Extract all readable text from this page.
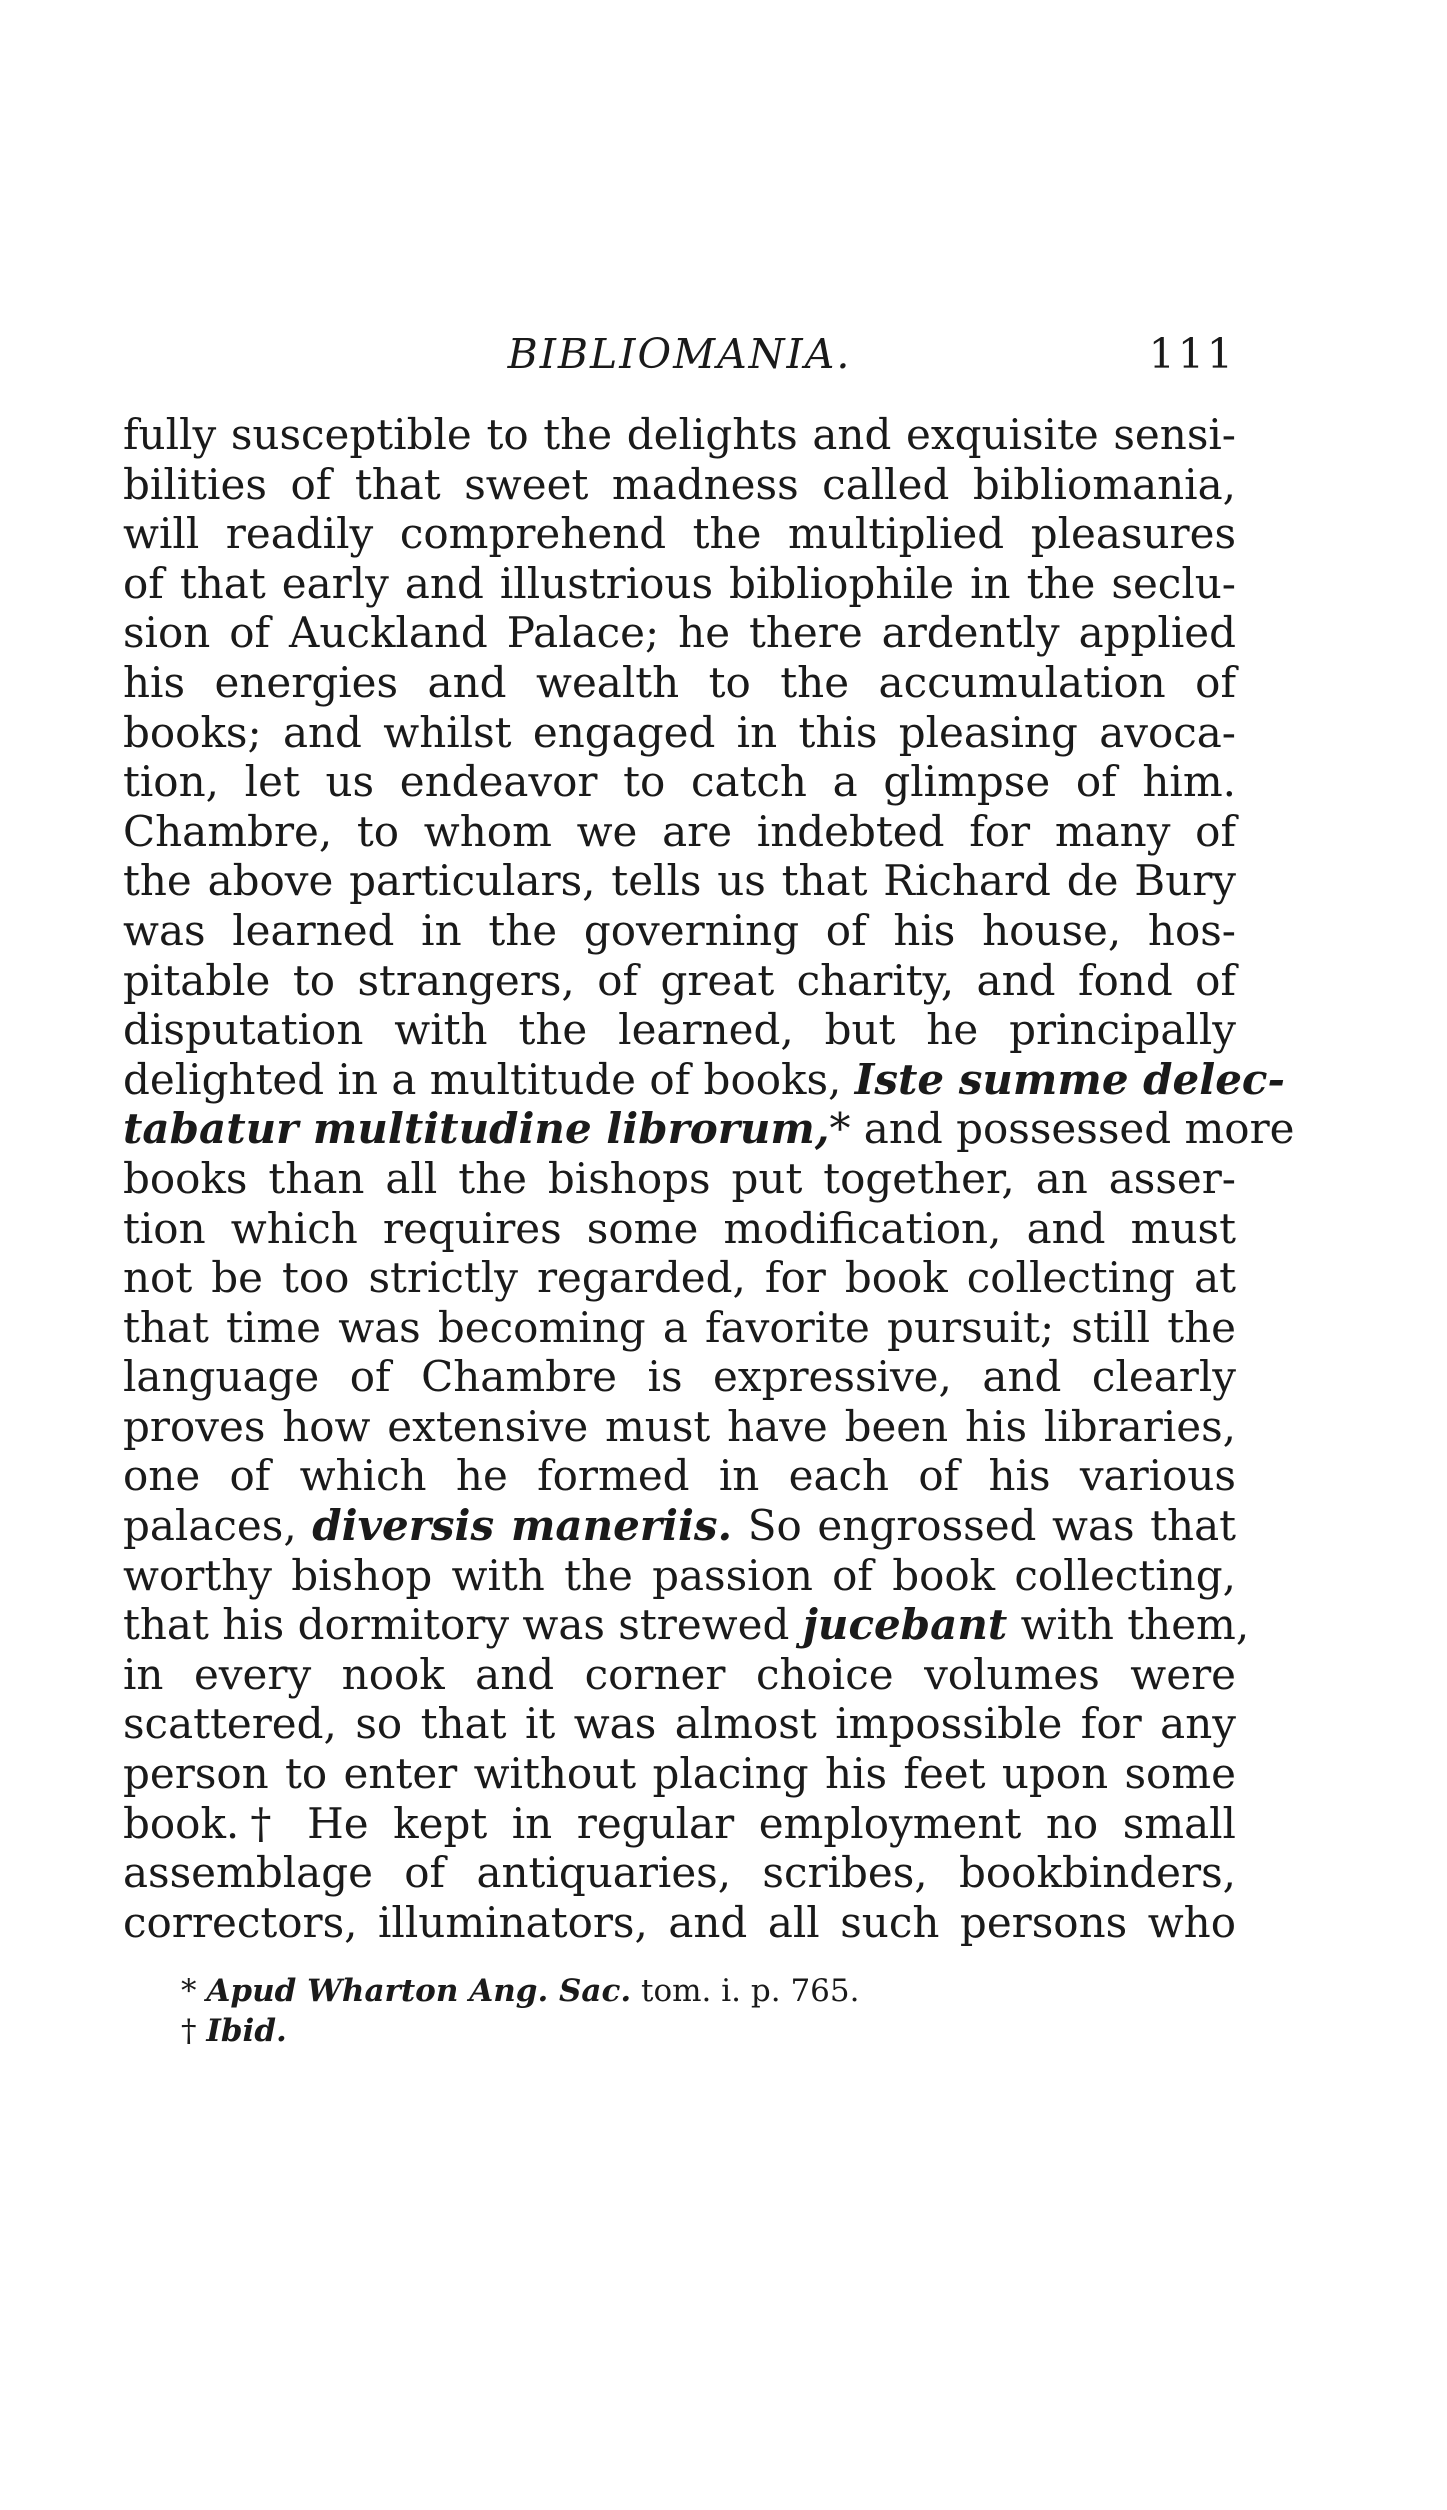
BIBLIOMANIA.	111
fully susceptible to the delights and exquisite sensi-
bilities of that sweet madness called bibliomania,
will readily comprehend the multiplied pleasures
of that early and illustrious bibliophile in the seclu-
sion of Auckland Palace; he there ardently applied
his energies and wealth to the accumulation of
books; and whilst engaged in this pleasing avoca-
tion, let us endeavor to catch a glimpse of him.
Chambre, to whom we are indebted for many of
the above particulars, tells us that Richard de Bury
was learned in the governing of his house, hos-
pitable to strangers, of great charity, and fond of
disputation with the learned, but he principally
delighted in a multitude of books, Iste summe delec-
tabatur multitudine librorum,* and possessed more
books than all the bishops put together, an asser-
tion which requires some modification, and must
not be too strictly regarded, for book collecting at
that time was becoming a favorite pursuit; still the
language of Chambre is expressive, and clearly
proves how extensive must have been his libraries,
one of which he formed in each of his various
palaces, diversis maneriis. So engrossed was that
worthy bishop with the passion of book collecting,
that his dormitory was strewed jucebant with them,
in every nook and corner choice volumes were
scattered, so that it was almost impossible for any
person to enter without placing his feet upon some
book.† He kept in regular employment no small
assemblage of antiquaries, scribes, bookbinders,
correctors, illuminators, and all such persons who
* Apud Wharton Ang. Sac. tom. i. p. 765.
† Ibid.
